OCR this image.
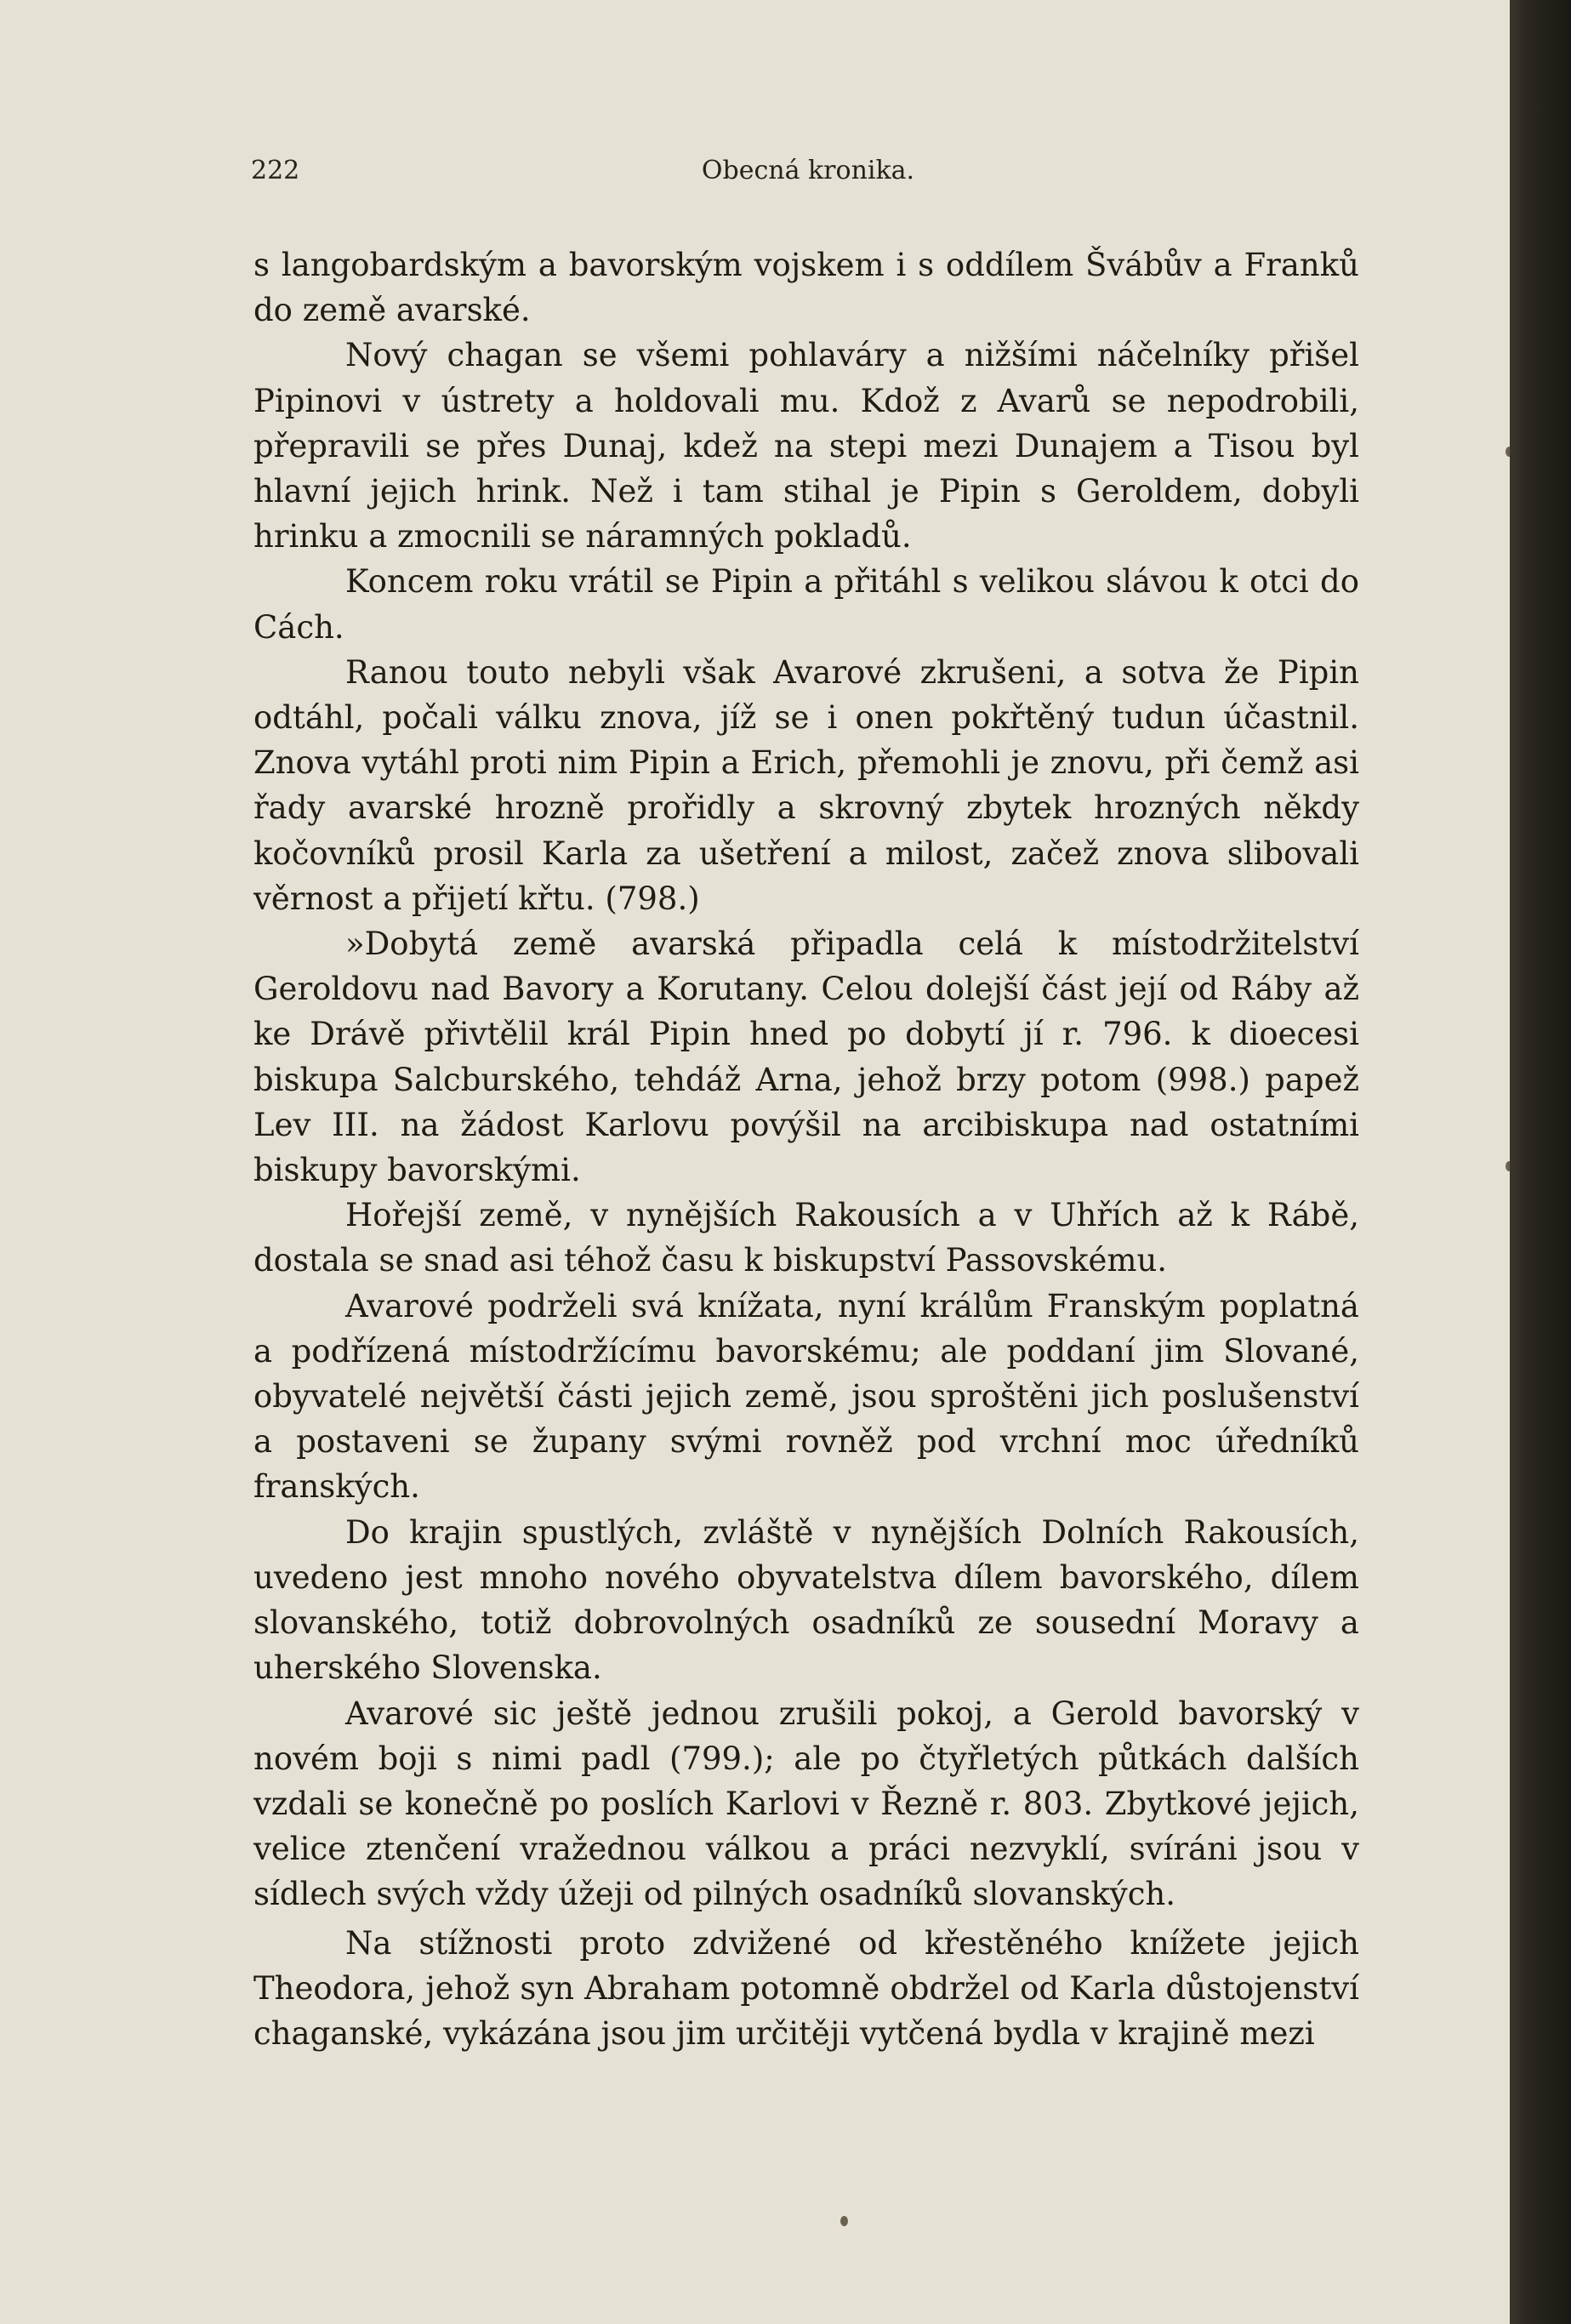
222	Obecná kronika.

s langobardským a bavorským vojskem i s oddílem Švábův a Franků do země avarské.

Nový chagan se všemi pohlaváry a nižšími náčelníky přišel Pipinovi v ústrety a holdovali mu. Kdož z Avarů se nepodrobili, přepravili se přes Dunaj, kdež na stepi mezi Dunajem a Tisou byl hlavní jejich hrink. Než i tam stihal je Pipin s Geroldem, dobyli hrinku a zmocnili se náramných pokladů.

Koncem roku vrátil se Pipin a přitáhl s velikou slávou k otci do Cách.

Ranou touto nebyli však Avarové zkrušeni, a sotva že Pipin odtáhl, počali válku znova, jíž se i onen pokřtěný tudun účastnil. Znova vytáhl proti nim Pipin a Erich, přemohli je znovu, při čemž asi řady avarské hrozně prořidly a skrovný zbytek hrozných někdy kočovníků prosil Karla za ušetření a milost, začež znova slibovali věrnost a přijetí křtu. (798.)

»Dobytá země avarská připadla celá k místodržitelství Geroldovu nad Bavory a Korutany. Celou dolejší část její od Ráby až ke Drávě přivtělil král Pipin hned po dobytí jí r. 796. k dioecesi biskupa Salcburského, tehdáž Arna, jehož brzy potom (998.) papež Lev III. na žádost Karlovu povýšil na arcibiskupa nad ostatními biskupy bavorskými.

Hořejší země, v nynějších Rakousích a v Uhřích až k Rábě, dostala se snad asi téhož času k biskupství Passovskému.

Avarové podrželi svá knížata, nyní králům Franským poplatná a podřízená místodržícímu bavorskému; ale poddaní jim Slované, obyvatelé největší části jejich země, jsou sproštěni jich poslušenství a postaveni se župany svými rovněž pod vrchní moc úředníků franských.

Do krajin spustlých, zvláště v nynějších Dolních Rakousích, uvedeno jest mnoho nového obyvatelstva dílem bavorského, dílem slovanského, totiž dobrovolných osadníků ze sousední Moravy a uherského Slovenska.

Avarové sic ještě jednou zrušili pokoj, a Gerold bavorský v novém boji s nimi padl (799.); ale po čtyřletých půtkách dalších vzdali se konečně po poslích Karlovi v Řezně r. 803. Zbytkové jejich, velice ztenčení vražednou válkou a práci nezvyklí, svíráni jsou v sídlech svých vždy úžeji od pilných osadníků slovanských.

Na stížnosti proto zdvižené od křestěného knížete jejich Theodora, jehož syn Abraham potomně obdržel od Karla důstojenství chaganské, vykázána jsou jim určitěji vytčená bydla v krajině mezi
